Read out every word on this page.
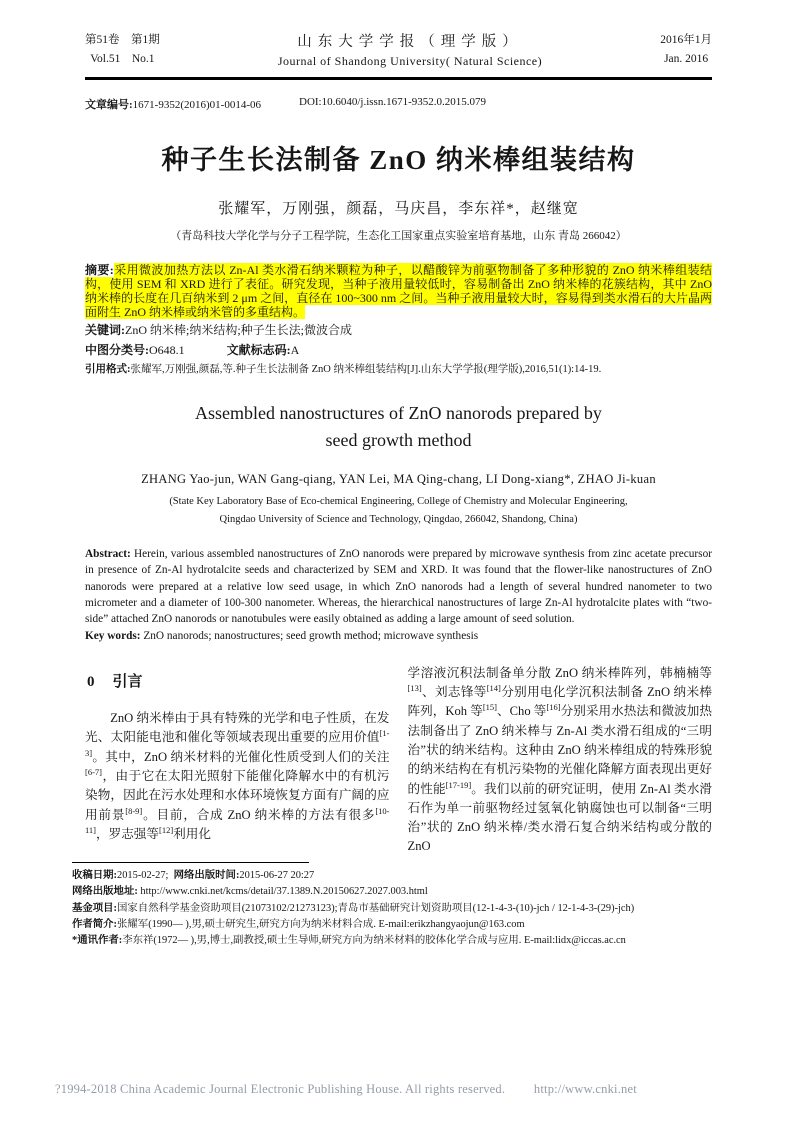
第51卷　第1期
Vol.51　No.1
山东大学学报（理学版）
Journal of Shandong University( Natural Science)
2016年1月
Jan. 2016
文章编号:1671-9352(2016)01-0014-06	DOI:10.6040/j.issn.1671-9352.0.2015.079
种子生长法制备 ZnO 纳米棒组装结构
张耀军，万刚强，颜磊，马庆昌，李东祥*，赵继宽
（青岛科技大学化学与分子工程学院，生态化工国家重点实验室培育基地，山东 青岛 266042）

摘要:采用微波加热方法以 Zn-Al 类水滑石纳米颗粒为种子，以醋酸锌为前驱物制备了多种形貌的 ZnO 纳米棒组装结构，使用 SEM 和 XRD 进行了表征。研究发现，当种子液用量较低时，容易制备出 ZnO 纳米棒的花簇结构，其中 ZnO 纳米棒的长度在几百纳米到 2 μm 之间，直径在 100~300 nm 之间。当种子液用量较大时，容易得到类水滑石的大片晶两面附生 ZnO 纳米棒或纳米管的多重结构。

关键词:ZnO 纳米棒;纳米结构;种子生长法;微波合成
中图分类号:O648.1	文献标志码:A
引用格式:张耀军,万刚强,颜磊,等.种子生长法制备 ZnO 纳米棒组装结构[J].山东大学学报(理学版),2016,51(1):14-19.
Assembled nanostructures of ZnO nanorods prepared by
seed growth method
ZHANG Yao-jun, WAN Gang-qiang, YAN Lei, MA Qing-chang, LI Dong-xiang*, ZHAO Ji-kuan
(State Key Laboratory Base of Eco-chemical Engineering, College of Chemistry and Molecular Engineering,
Qingdao University of Science and Technology, Qingdao, 266042, Shandong, China)

Abstract: Herein, various assembled nanostructures of ZnO nanorods were prepared by microwave synthesis from zinc acetate precursor in presence of Zn-Al hydrotalcite seeds and characterized by SEM and XRD. It was found that the flower-like nanostructures of ZnO nanorods were prepared at a relative low seed usage, in which ZnO nanorods had a length of several hundred nanometer to two micrometer and a diameter of 100-300 nanometer. Whereas, the hierarchical nanostructures of large Zn-Al hydrotalcite plates with “two-side” attached ZnO nanorods or nanotubules were easily obtained as adding a large amount of seed solution.

Key words: ZnO nanorods; nanostructures; seed growth method; microwave synthesis

0 引言

ZnO 纳米棒由于具有特殊的光学和电子性质，在发光、太阳能电池和催化等领域表现出重要的应用价值[1-3]。其中，ZnO 纳米材料的光催化性质受到人们的关注[6-7]，由于它在太阳光照射下能催化降解水中的有机污染物，因此在污水处理和水体环境恢复方面有广阔的应用前景[8-9]。目前，合成 ZnO 纳米棒的方法有很多[10-11]，罗志强等[12]利用化

学溶液沉积法制备单分散 ZnO 纳米棒阵列，韩楠楠等[13]、刘志锋等[14]分别用电化学沉积法制备 ZnO 纳米棒阵列，Koh 等[15]、Cho 等[16]分别采用水热法和微波加热法制备出了 ZnO 纳米棒与 Zn-Al 类水滑石组成的“三明治”状的纳米结构。这种由 ZnO 纳米棒组成的特殊形貌的纳米结构在有机污染物的光催化降解方面表现出更好的性能[17-19]。我们以前的研究证明，使用 Zn-Al 类水滑石作为单一前驱物经过氢氧化钠腐蚀也可以制备“三明治”状的 ZnO 纳米棒/类水滑石复合纳米结构或分散的 ZnO

收稿日期:2015-02-27; 网络出版时间:2015-06-27 20:27
网络出版地址: http://www.cnki.net/kcms/detail/37.1389.N.20150627.2027.003.html
基金项目:国家自然科学基金资助项目(21073102/21273123);青岛市基础研究计划资助项目(12-1-4-3-(10)-jch / 12-1-4-3-(29)-jch)
作者简介:张耀军(1990— ),男,硕士研究生,研究方向为纳米材料合成. E-mail:erikzhangyaojun@163.com
*通讯作者:李东祥(1972— ),男,博士,副教授,硕士生导师,研究方向为纳米材料的胶体化学合成与应用. E-mail:lidx@iccas.ac.cn
?1994-2018 China Academic Journal Electronic Publishing House. All rights reserved.　　 http://www.cnki.net
